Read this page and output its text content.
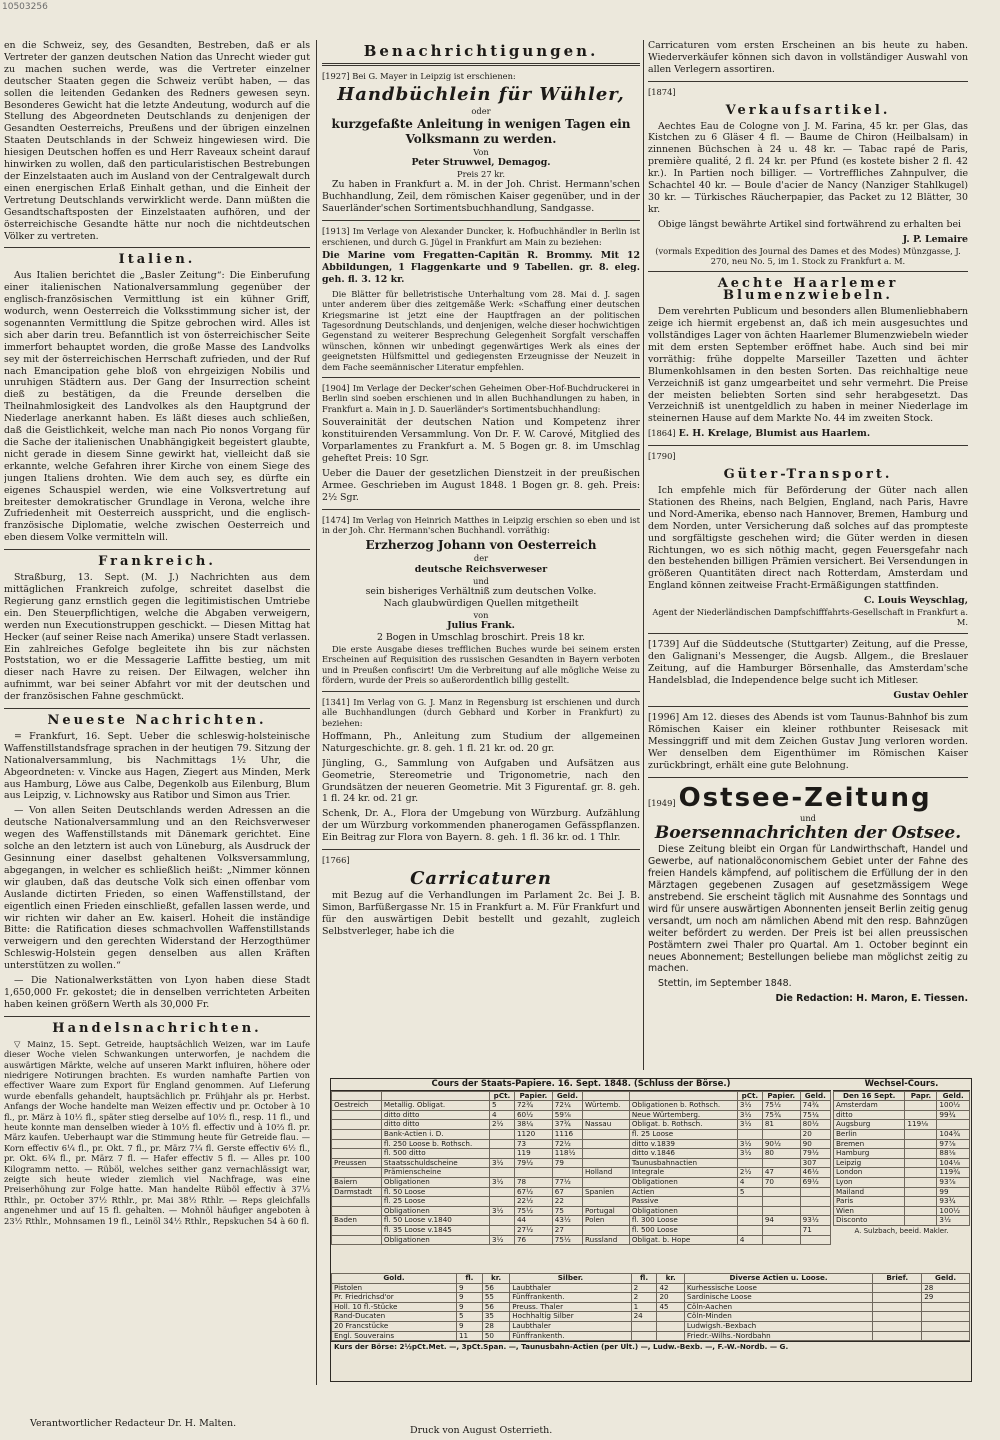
10503256

en die Schweiz, sey, des Gesandten, Bestreben, daß er als Vertreter der ganzen deutschen Nation das Unrecht wieder gut zu machen suchen werde, was die Vertreter einzelner deutscher Staaten gegen die Schweiz verübt haben, — das sollen die leitenden Gedanken des Redners gewesen seyn. Besonderes Gewicht hat die letzte Andeutung, wodurch auf die Stellung des Abgeordneten Deutschlands zu denjenigen der Gesandten Oesterreichs, Preußens und der übrigen einzelnen Staaten Deutschlands in der Schweiz hingewiesen wird. Die hiesigen Deutschen hoffen es und Herr Raveaux scheint darauf hinwirken zu wollen, daß den particularistischen Bestrebungen der Einzelstaaten auch im Ausland von der Centralgewalt durch einen energischen Erlaß Einhalt gethan, und die Einheit der Vertretung Deutschlands verwirklicht werde. Dann müßten die Gesandtschaftsposten der Einzelstaaten aufhören, und der österreichische Gesandte hätte nur noch die nichtdeutschen Völker zu vertreten.

Italien.

Aus Italien berichtet die „Basler Zeitung“: Die Einberufung einer italienischen Nationalversammlung gegenüber der englisch-französischen Vermittlung ist ein kühner Griff, wodurch, wenn Oesterreich die Volksstimmung sicher ist, der sogenannten Vermittlung die Spitze gebrochen wird. Alles ist sich aber darin treu. Befanntlich ist von österreichischer Seite immerfort behauptet worden, die große Masse des Landvolks sey mit der österreichischen Herrschaft zufrieden, und der Ruf nach Emancipation gehe bloß von ehrgeizigen Nobilis und unruhigen Städtern aus. Der Gang der Insurrection scheint dieß zu bestätigen, da die Freunde derselben die Theilnahmlosigkeit des Landvolkes als den Hauptgrund der Niederlage anerkannt haben. Es läßt dieses auch schließen, daß die Geistlichkeit, welche man nach Pio nonos Vorgang für die Sache der italienischen Unabhängigkeit begeistert glaubte, nicht gerade in diesem Sinne gewirkt hat, vielleicht daß sie erkannte, welche Gefahren ihrer Kirche von einem Siege des jungen Italiens drohten. Wie dem auch sey, es dürfte ein eigenes Schauspiel werden, wie eine Volksvertretung auf breitester demokratischer Grundlage in Verona, welche ihre Zufriedenheit mit Oesterreich ausspricht, und die englisch-französische Diplomatie, welche zwischen Oesterreich und eben diesem Volke vermitteln will.

Frankreich.

Straßburg, 13. Sept. (M. J.) Nachrichten aus dem mittäglichen Frankreich zufolge, schreitet daselbst die Regierung ganz ernstlich gegen die legitimistischen Umtriebe ein. Den Steuerpflichtigen, welche die Abgaben verweigern, werden nun Executionstruppen geschickt. — Diesen Mittag hat Hecker (auf seiner Reise nach Amerika) unsere Stadt verlassen. Ein zahlreiches Gefolge begleitete ihn bis zur nächsten Poststation, wo er die Messagerie Laffitte bestieg, um mit dieser nach Havre zu reisen. Der Eilwagen, welcher ihn aufnimmt, war bei seiner Abfahrt vor mit der deutschen und der französischen Fahne geschmückt.

Neueste Nachrichten.

= Frankfurt, 16. Sept. Ueber die schleswig-holsteinische Waffenstillstandsfrage sprachen in der heutigen 79. Sitzung der Nationalversammlung, bis Nachmittags 1½ Uhr, die Abgeordneten: v. Vincke aus Hagen, Ziegert aus Minden, Merk aus Hamburg, Löwe aus Calbe, Degenkolb aus Eilenburg, Blum aus Leipzig, v. Lichnowsky aus Ratibor und Simon aus Trier.

— Von allen Seiten Deutschlands werden Adressen an die deutsche Nationalversammlung und an den Reichsverweser wegen des Waffenstillstands mit Dänemark gerichtet. Eine solche an den letztern ist auch von Lüneburg, als Ausdruck der Gesinnung einer daselbst gehaltenen Volksversammlung, abgegangen, in welcher es schließlich heißt: „Nimmer können wir glauben, daß das deutsche Volk sich einen offenbar vom Auslande dictirten Frieden, so einen Waffenstillstand, der eigentlich einen Frieden einschließt, gefallen lassen werde, und wir richten wir daher an Ew. kaiserl. Hoheit die inständige Bitte: die Ratification dieses schmachvollen Waffenstillstands verweigern und den gerechten Widerstand der Herzogthümer Schleswig-Holstein gegen denselben aus allen Kräften unterstützen zu wollen.“

— Die Nationalwerkstätten von Lyon haben diese Stadt 1,650,000 Fr. gekostet; die in denselben verrichteten Arbeiten haben keinen größern Werth als 30,000 Fr.

Handelsnachrichten.

▽ Mainz, 15. Sept. Getreide, hauptsächlich Weizen, war im Laufe dieser Woche vielen Schwankungen unterworfen, je nachdem die auswärtigen Märkte, welche auf unseren Markt influiren, höhere oder niedrigere Notirungen brachten. Es wurden namhafte Partien von effectiver Waare zum Export für England genommen. Auf Lieferung wurde ebenfalls gehandelt, hauptsächlich pr. Frühjahr als pr. Herbst. Anfangs der Woche handelte man Weizen effectiv und pr. October à 10 fl., pr. März à 10½ fl., später stieg derselbe auf 10½ fl., resp. 11 fl., und heute konnte man denselben wieder à 10½ fl. effectiv und à 10⅔ fl. pr. März kaufen. Ueberhaupt war die Stimmung heute für Getreide flau. — Korn effectiv 6¼ fl., pr. Okt. 7 fl., pr. März 7¼ fl. Gerste effectiv 6½ fl., pr. Okt. 6¾ fl., pr. März 7 fl. — Hafer effectiv 5 fl. — Alles pr. 100 Kilogramm netto. — Rüböl, welches seither ganz vernachlässigt war, zeigte sich heute wieder ziemlich viel Nachfrage, was eine Preiserhöhung zur Folge hatte. Man handelte Rüböl effectiv à 37⅓ Rthlr., pr. October 37½ Rthlr., pr. Mai 38½ Rthlr. — Reps gleichfalls angenehmer und auf 15 fl. gehalten. — Mohnöl häufiger angeboten à 23½ Rthlr., Mohnsamen 19 fl., Leinöl 34½ Rthlr., Repskuchen 54 à 60 fl.

Benachrichtigungen.

[1927] Bei G. Mayer in Leipzig ist erschienen:

Handbüchlein für Wühler,
oder
kurzgefaßte Anleitung in wenigen Tagen ein Volksmann zu werden.
Von
Peter Struwwel, Demagog.
Preis 27 kr.

Zu haben in Frankfurt a. M. in der Joh. Christ. Hermann'schen Buchhandlung, Zeil, dem römischen Kaiser gegenüber, und in der Sauerländer'schen Sortimentsbuchhandlung, Sandgasse.

[1913] Im Verlage von Alexander Duncker, k. Hofbuchhändler in Berlin ist erschienen, und durch G. Jügel in Frankfurt am Main zu beziehen:

Die Marine vom Fregatten-Capitän R. Brommy. Mit 12 Abbildungen, 1 Flaggenkarte und 9 Tabellen. gr. 8. eleg. geh. fl. 3. 12 kr.

Die Blätter für belletristische Unterhaltung vom 28. Mai d. J. sagen unter anderem über dies zeitgemäße Werk: «Schaffung einer deutschen Kriegsmarine ist jetzt eine der Hauptfragen an der politischen Tagesordnung Deutschlands, und denjenigen, welche dieser hochwichtigen Gegenstand zu weiterer Besprechung Gelegenheit Sorgfalt verschaffen wünschen, können wir unbedingt gegenwärtiges Werk als eines der geeignetsten Hülfsmittel und gediegensten Erzeugnisse der Neuzeit in dem Fache seemännischer Literatur empfehlen.

[1904] Im Verlage der Decker'schen Geheimen Ober-Hof-Buchdruckerei in Berlin sind soeben erschienen und in allen Buchhandlungen zu haben, in Frankfurt a. Main in J. D. Sauerländer's Sortimentsbuchhandlung:

Souverainität der deutschen Nation und Kompetenz ihrer konstituirenden Versammlung. Von Dr. F. W. Carové, Mitglied des Vorparlamentes zu Frankfurt a. M. 5 Bogen gr. 8. im Umschlag geheftet Preis: 10 Sgr.

Ueber die Dauer der gesetzlichen Dienstzeit in der preußischen Armee. Geschrieben im August 1848. 1 Bogen gr. 8. geh. Preis: 2½ Sgr.

[1474] Im Verlag von Heinrich Matthes in Leipzig erschien so eben und ist in der Joh. Chr. Hermann'schen Buchhandl. vorräthig:

Erzherzog Johann von Oesterreich
der
deutsche Reichsverweser
und
sein bisheriges Verhältniß zum deutschen Volke.
Nach glaubwürdigen Quellen mitgetheilt
von
Julius Frank.
2 Bogen in Umschlag broschirt. Preis 18 kr.

Die erste Ausgabe dieses trefflichen Buches wurde bei seinem ersten Erscheinen auf Requisition des russischen Gesandten in Bayern verboten und in Preußen confiscirt! Um die Verbreitung auf alle mögliche Weise zu fördern, wurde der Preis so außerordentlich billig gestellt.

[1341] Im Verlag von G. J. Manz in Regensburg ist erschienen und durch alle Buchhandlungen (durch Gebhard und Korber in Frankfurt) zu beziehen:

Hoffmann, Ph., Anleitung zum Studium der allgemeinen Naturgeschichte. gr. 8. geh. 1 fl. 21 kr. od. 20 gr.

Jüngling, G., Sammlung von Aufgaben und Aufsätzen aus Geometrie, Stereometrie und Trigonometrie, nach den Grundsätzen der neueren Geometrie. Mit 3 Figurentaf. gr. 8. geh. 1 fl. 24 kr. od. 21 gr.

Schenk, Dr. A., Flora der Umgebung von Würzburg. Aufzählung der um Würzburg vorkommenden phanerogamen Gefässpflanzen. Ein Beitrag zur Flora von Bayern. 8. geh. 1 fl. 36 kr. od. 1 Thlr.

[1766]

Carricaturen

mit Bezug auf die Verhandlungen im Parlament 2c. Bei J. B. Simon, Barfüßergasse Nr. 15 in Frankfurt a. M. Für Frankfurt und für den auswärtigen Debit bestellt und gezahlt, zugleich Selbstverleger, habe ich die

Carricaturen vom ersten Erscheinen an bis heute zu haben. Wiederverkäufer können sich davon in vollständiger Auswahl von allen Verlegern assortiren.

[1874]
Verkaufsartikel.

Aechtes Eau de Cologne von J. M. Farina, 45 kr. per Glas, das Kistchen zu 6 Gläser 4 fl. — Baume de Chiron (Heilbalsam) in zinnenen Büchschen à 24 u. 48 kr. — Tabac rapé de Paris, première qualité, 2 fl. 24 kr. per Pfund (es kostete bisher 2 fl. 42 kr.). In Partien noch billiger. — Vortreffliches Zahnpulver, die Schachtel 40 kr. — Boule d'acier de Nancy (Nanziger Stahlkugel) 30 kr. — Türkisches Räucherpapier, das Packet zu 12 Blätter, 30 kr.

Obige längst bewährte Artikel sind fortwährend zu erhalten bei

J. P. Lemaire

(vormals Expedition des Journal des Dames et des Modes) Münzgasse, J. 270, neu No. 5, im 1. Stock zu Frankfurt a. M.

Aechte Haarlemer Blumenzwiebeln.

Dem verehrten Publicum und besonders allen Blumenliebhabern zeige ich hiermit ergebenst an, daß ich mein ausgesuchtes und vollständiges Lager von ächten Haarlemer Blumenzwiebeln wieder mit dem ersten September eröffnet habe. Auch sind bei mir vorräthig: frühe doppelte Marseiller Tazetten und ächter Blumenkohlsamen in den besten Sorten. Das reichhaltige neue Verzeichniß ist ganz umgearbeitet und sehr vermehrt. Die Preise der meisten beliebten Sorten sind sehr herabgesetzt. Das Verzeichniß ist unentgeldlich zu haben in meiner Niederlage im steinernen Hause auf dem Markte No. 44 im zweiten Stock.

[1864] E. H. Krelage, Blumist aus Haarlem.

[1790]
Güter-Transport.

Ich empfehle mich für Beförderung der Güter nach allen Stationen des Rheins, nach Belgien, England, nach Paris, Havre und Nord-Amerika, ebenso nach Hannover, Bremen, Hamburg und dem Norden, unter Versicherung daß solches auf das prompteste und sorgfältigste geschehen wird; die Güter werden in diesen Richtungen, wo es sich nöthig macht, gegen Feuersgefahr nach den bestehenden billigen Prämien versichert. Bei Versendungen in größeren Quantitäten direct nach Rotterdam, Amsterdam und England können zeitweise Fracht-Ermäßigungen stattfinden.

C. Louis Weyschlag,
Agent der Niederländischen Dampfschifffahrts-Gesellschaft in Frankfurt a. M.

[1739] Auf die Süddeutsche (Stuttgarter) Zeitung, auf die Presse, den Galignani's Messenger, die Augsb. Allgem., die Breslauer Zeitung, auf die Hamburger Börsenhalle, das Amsterdam'sche Handelsblad, die Independence belge sucht ich Mitleser.

Gustav Oehler

[1996] Am 12. dieses des Abends ist vom Taunus-Bahnhof bis zum Römischen Kaiser ein kleiner rothbunter Reisesack mit Messinggriff und mit dem Zeichen Gustav Jung verloren worden. Wer denselben dem Eigenthümer im Römischen Kaiser zurückbringt, erhält eine gute Belohnung.

[1949] Ostsee-Zeitung
und
Boersennachrichten der Ostsee.

Diese Zeitung bleibt ein Organ für Landwirthschaft, Handel und Gewerbe, auf nationalöconomischem Gebiet unter der Fahne des freien Handels kämpfend, auf politischem die Erfüllung der in den Märztagen gegebenen Zusagen auf gesetzmässigem Wege anstrebend. Sie erscheint täglich mit Ausnahme des Sonntags und wird für unsere auswärtigen Abonnenten jenseit Berlin zeitig genug versandt, um noch am nämlichen Abend mit den resp. Bahnzügen weiter befördert zu werden. Der Preis ist bei allen preussischen Postämtern zwei Thaler pro Quartal. Am 1. October beginnt ein neues Abonnement; Bestellungen beliebe man möglichst zeitig zu machen.

Stettin, im September 1848.

Die Redaction: H. Maron, E. Tiessen.
Cours der Staats-Papiere. 16. Sept. 1848. (Schluss der Börse.)
		pCt.	Papier.	Geld.			pCt.	Papier.	Geld.
Oestreich	Metallig. Obligat.	5	72¾	72¼	Würtemb.	Obligationen b. Rothsch.	3½	75½	74¾
	ditto ditto	4	60½	59⅞		Neue Würtemberg.	3½	75¾	75¼
	ditto ditto	2½	38¼	37¾	Nassau	Obligat. b. Rothsch.	3½	81	80½
	Bank-Actien i. D.		1120	1116		fl. 25 Loose			20
	fl. 250 Loose b. Rothsch.		73	72½		ditto v.1839	3½	90½	90
	fl. 500 ditto		119	118½		ditto v.1846	3½	80	79½
Preussen	Staatsschuldscheine	3½	79½	79		Taunusbahnactien			307
	Prämienscheine				Holland	Integrale	2½	47	46½
Baiern	Obligationen	3½	78	77½		Obligationen	4	70	69½
Darmstadt	fl. 50 Loose		67½	67	Spanien	Actien	5		
	fl. 25 Loose		22½	22		Passive			
	Obligationen	3½	75½	75	Portugal	Obligationen			
Baden	fl. 50 Loose v.1840		44	43½	Polen	fl. 300 Loose		94	93½
	fl. 35 Loose v.1845		27½	27		fl. 500 Loose			71
	Obligationen	3½	76	75½	Russland	Obligat. b. Hope	4		
Wechsel-Cours.
Den 16 Sept.	Papr.	Geld.
Amsterdam		100½
ditto		99¾
Augsburg	119⅛	
Berlin		104¾
Bremen		97⅞
Hamburg		88⅛
Leipzig		104⅛
London		119¾
Lyon		93⅞
Mailand		99
Paris		93¾
Wien		100½
Disconto		3½
A. Sulzbach, beeid. Makler.
Gold.	fl.	kr.	Silber.	fl.	kr.	Diverse Actien u. Loose.	Brief.	Geld.
Pistolen	9	56	Laubthaler	2	42	Kurhessische Loose		28
Pr. Friedrichsd'or	9	55	Fünffrankenth.	2	20	Sardinische Loose		29
Holl. 10 fl.-Stücke	9	56	Preuss. Thaler	1	45	Cöln-Aachen		
Rand-Ducaten	5	35	Hochhaltig Silber	24		Cöln-Minden		
20 Francstücke	9	28	Laubthaler			Ludwigsh.-Bexbach		
Engl. Souverains	11	50	Fünffrankenth.			Friedr.-Wilhs.-Nordbahn		
Kurs der Börse: 2½pCt.Met. —, 3pCt.Span. —, Taunusbahn-Actien (per Ult.) —, Ludw.-Bexb. —, F.-W.-Nordb. — G.
Verantwortlicher Redacteur Dr. H. Malten.
Druck von August Osterrieth.
